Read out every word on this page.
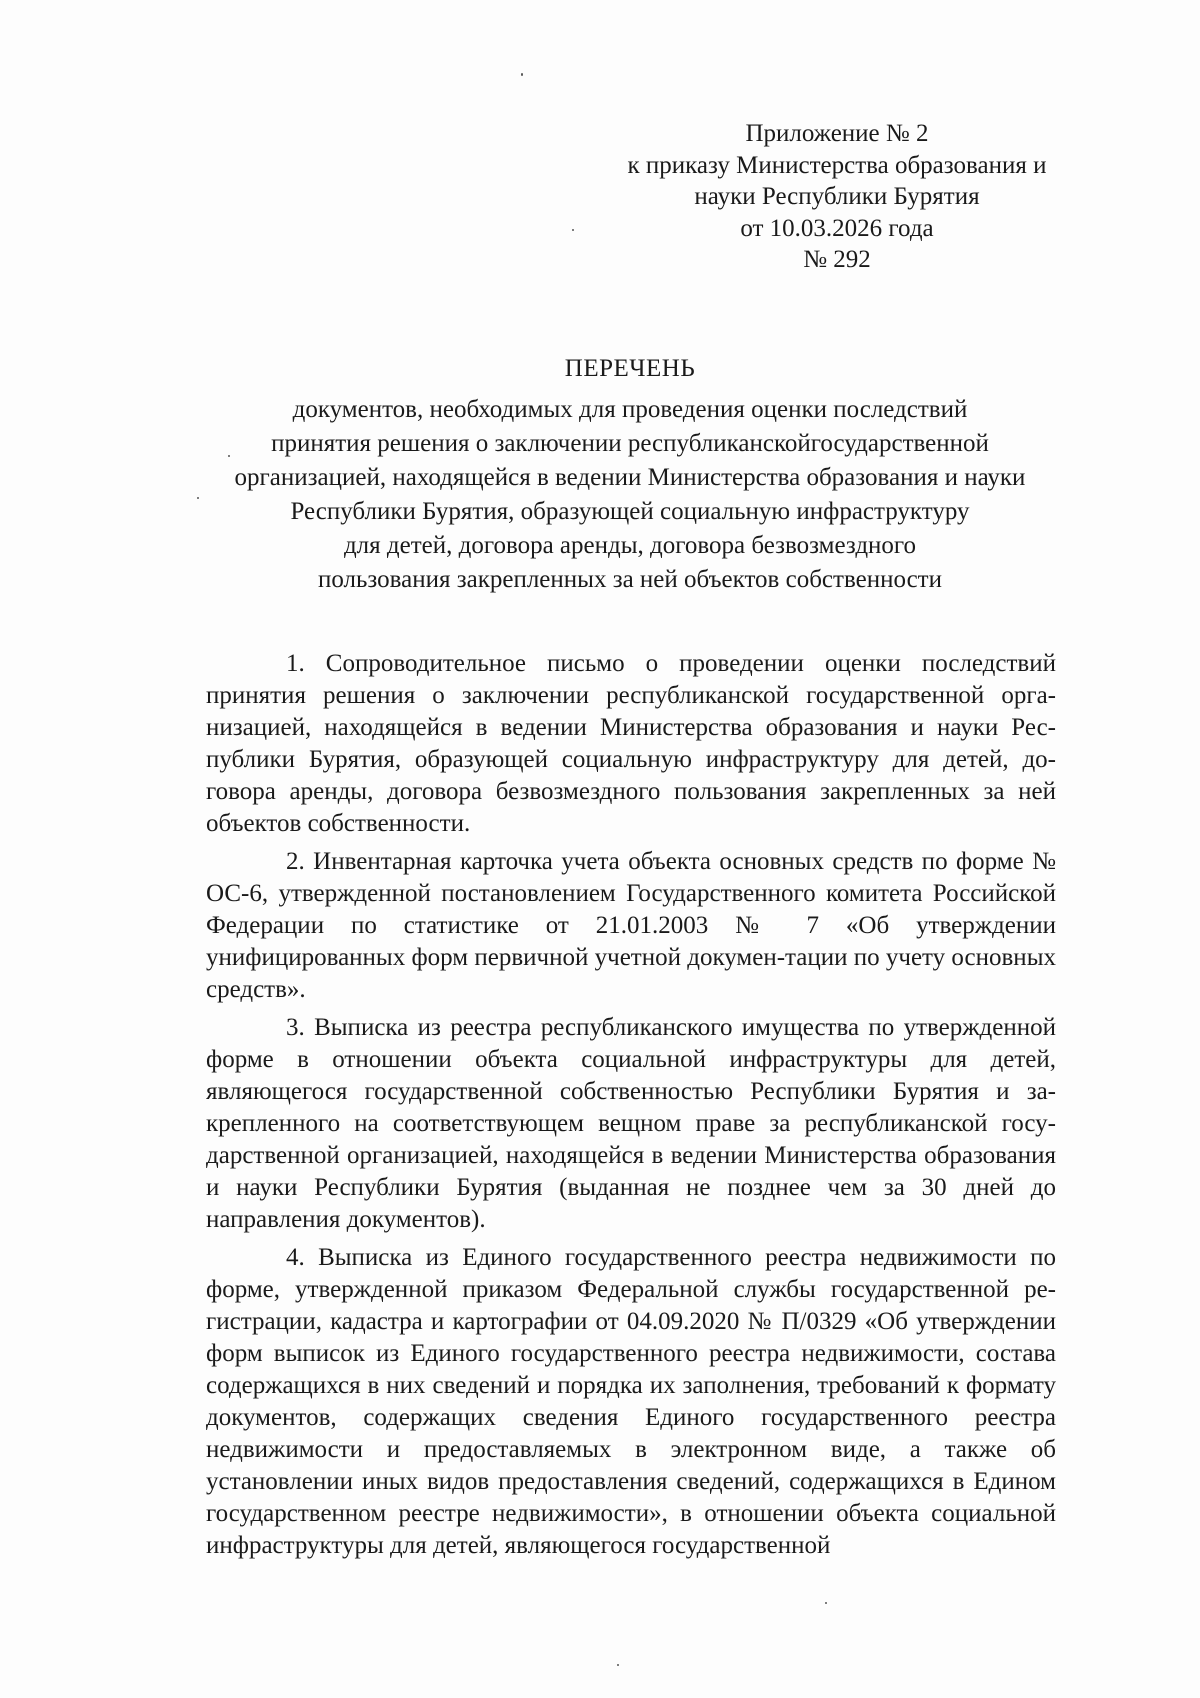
Приложение № 2
к приказу Министерства образования и
науки Республики Бурятия
от 10.03.2026 года
№ 292
ПЕРЕЧЕНЬ
документов, необходимых для проведения оценки последствий
принятия решения о заключении республиканскойгосударственной
организацией, находящейся в ведении Министерства образования и науки
Республики Бурятия, образующей социальную инфраструктуру
для детей, договора аренды, договора безвозмездного
пользования закрепленных за ней объектов собственности

1. Сопроводительное письмо о проведении оценки последствий принятия решения о заключении республиканской государственной организацией, находящейся в ведении Министерства образования и науки Республики Бурятия, образующей социальную инфраструктуру для детей, договора аренды, договора безвозмездного пользования закрепленных за ней объектов собственности.

2. Инвентарная карточка учета объекта основных средств по форме № ОС-6, утвержденной постановлением Государственного комитета Российской Федерации по статистике от 21.01.2003 № 7 «Об утверждении унифицированных форм первичной учетной докумен-тации по учету основных средств».

3. Выписка из реестра республиканского имущества по утвержденной форме в отношении объекта социальной инфраструктуры для детей, являющегося государственной собственностью Республики Бурятия и закрепленного на соответствующем вещном праве за республиканской государственной организацией, находящейся в ведении Министерства образования и науки Республики Бурятия (выданная не позднее чем за 30 дней до направления документов).

4. Выписка из Единого государственного реестра недвижимости по форме, утвержденной приказом Федеральной службы государственной регистрации, кадастра и картографии от 04.09.2020 № П/0329 «Об утверждении форм выписок из Единого государственного реестра недвижимости, состава содержащихся в них сведений и порядка их заполнения, требований к формату документов, содержащих сведения Единого государственного реестра недвижимости и предоставляемых в электронном виде, а также об установлении иных видов предоставления сведений, содержащихся в Едином государственном реестре недвижимости», в отношении объекта социальной инфраструктуры для детей, являющегося государственной
